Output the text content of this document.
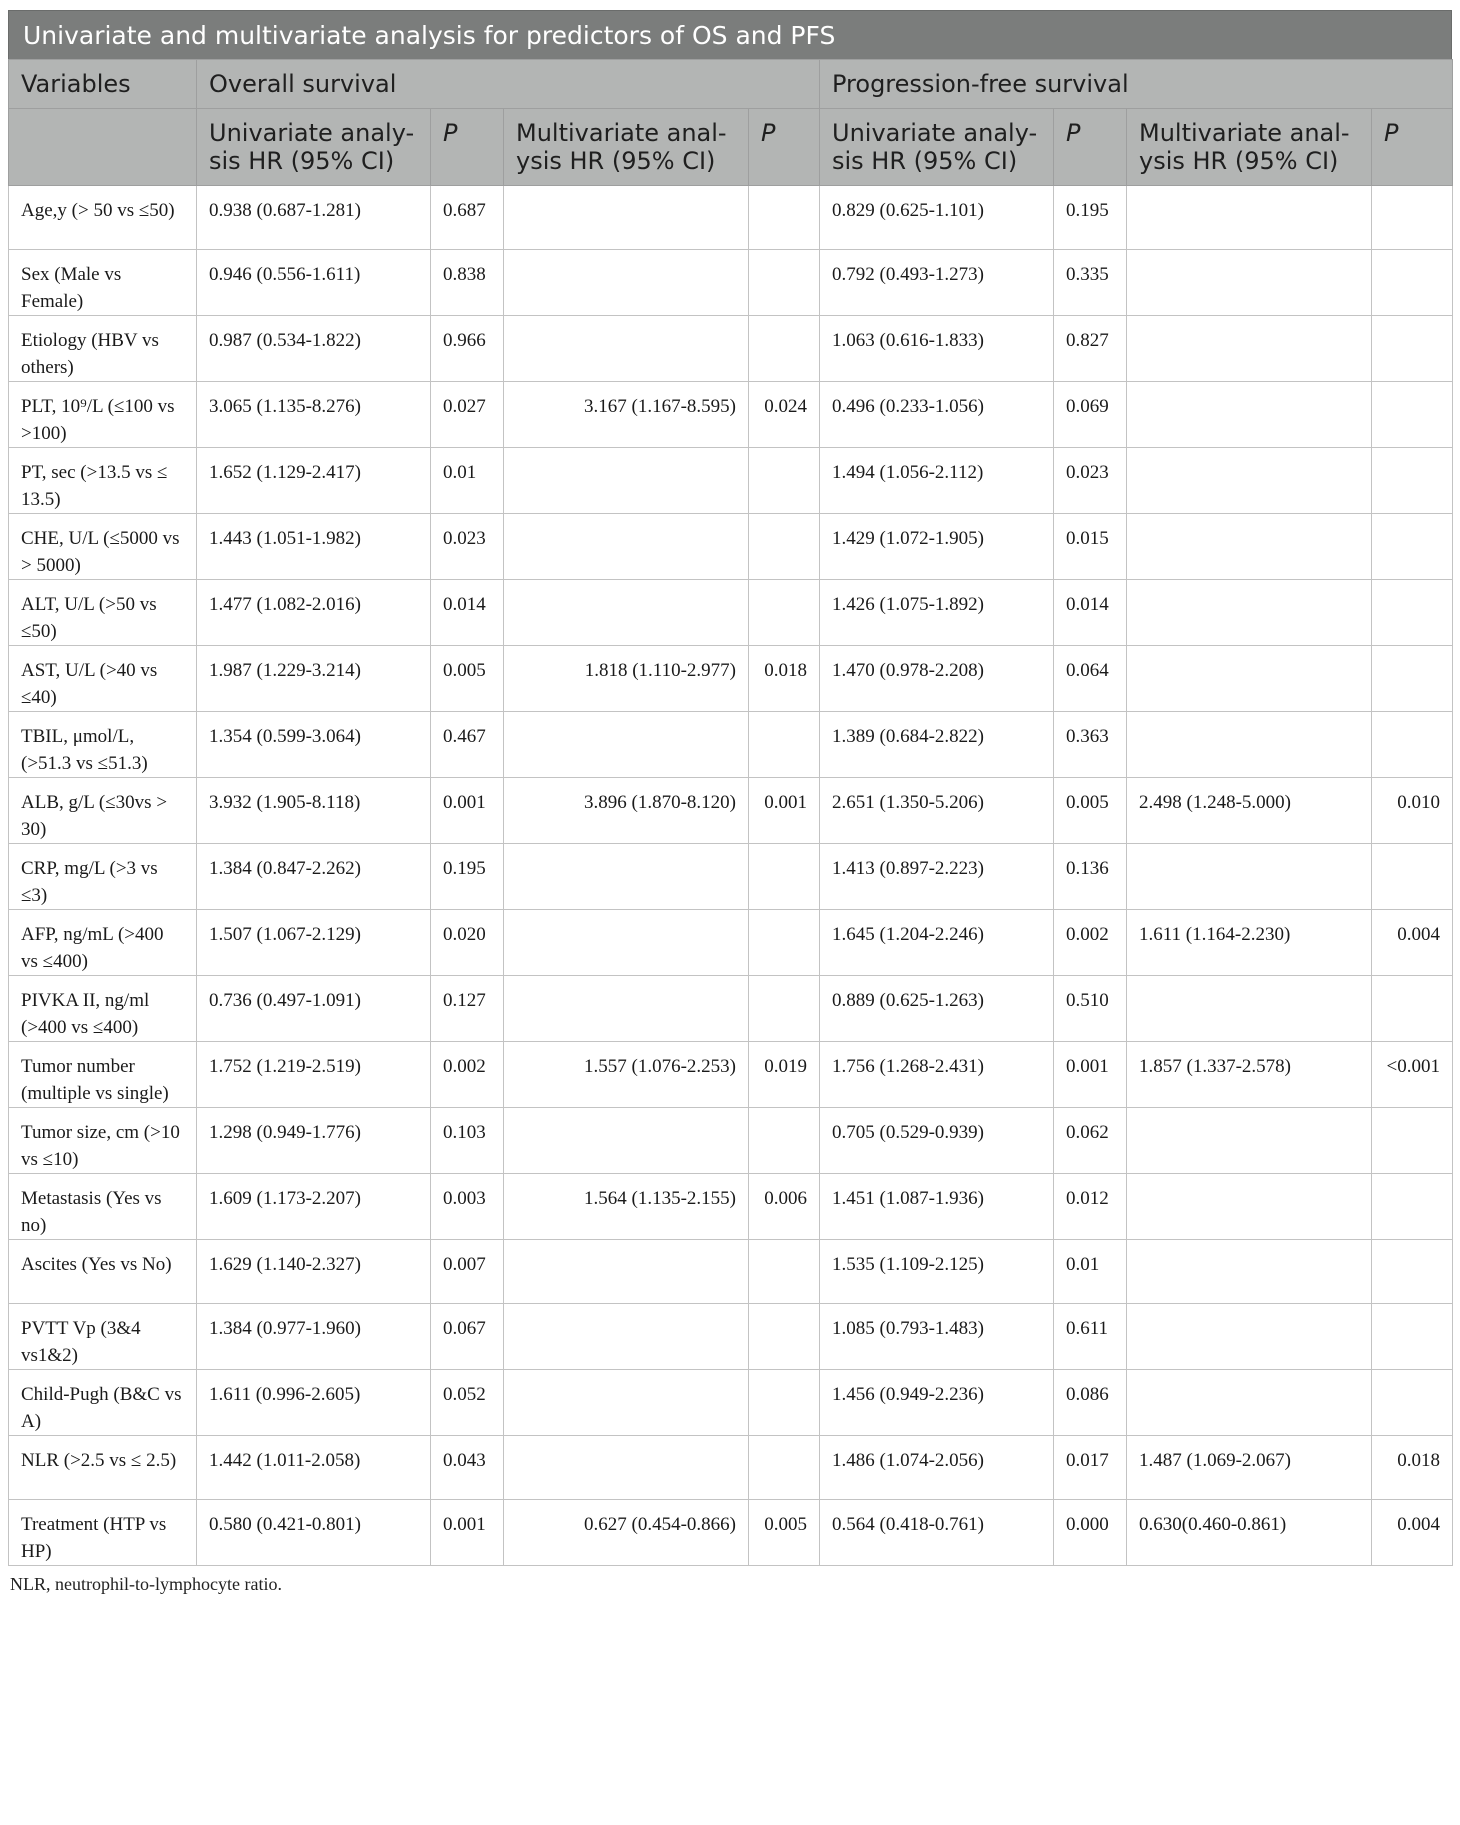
Univariate and multivariate analysis for predictors of OS and PFS
Variables	Overall survival				Progression-free survival			
	Univariate analy-sis HR (95% CI)	P	Multivariate anal-ysis HR (95% CI)	P	Univariate analy-sis HR (95% CI)	P	Multivariate anal-ysis HR (95% CI)	P
Age,y (> 50 vs ≤50)	0.938 (0.687-1.281)	0.687			0.829 (0.625-1.101)	0.195		
Sex (Male vs Female)	0.946 (0.556-1.611)	0.838			0.792 (0.493-1.273)	0.335		
Etiology (HBV vs others)	0.987 (0.534-1.822)	0.966			1.063 (0.616-1.833)	0.827		
PLT, 10⁹/L (≤100 vs >100)	3.065 (1.135-8.276)	0.027	3.167 (1.167-8.595)	0.024	0.496 (0.233-1.056)	0.069		
PT, sec (>13.5 vs ≤ 13.5)	1.652 (1.129-2.417)	0.01			1.494 (1.056-2.112)	0.023		
CHE, U/L (≤5000 vs > 5000)	1.443 (1.051-1.982)	0.023			1.429 (1.072-1.905)	0.015		
ALT, U/L (>50 vs ≤50)	1.477 (1.082-2.016)	0.014			1.426 (1.075-1.892)	0.014		
AST, U/L (>40 vs ≤40)	1.987 (1.229-3.214)	0.005	1.818 (1.110-2.977)	0.018	1.470 (0.978-2.208)	0.064		
TBIL, μmol/L, (>51.3 vs ≤51.3)	1.354 (0.599-3.064)	0.467			1.389 (0.684-2.822)	0.363		
ALB, g/L (≤30vs > 30)	3.932 (1.905-8.118)	0.001	3.896 (1.870-8.120)	0.001	2.651 (1.350-5.206)	0.005	2.498 (1.248-5.000)	0.010
CRP, mg/L (>3 vs ≤3)	1.384 (0.847-2.262)	0.195			1.413 (0.897-2.223)	0.136		
AFP, ng/mL (>400 vs ≤400)	1.507 (1.067-2.129)	0.020			1.645 (1.204-2.246)	0.002	1.611 (1.164-2.230)	0.004
PIVKA II, ng/ml (>400 vs ≤400)	0.736 (0.497-1.091)	0.127			0.889 (0.625-1.263)	0.510		
Tumor number (multiple vs single)	1.752 (1.219-2.519)	0.002	1.557 (1.076-2.253)	0.019	1.756 (1.268-2.431)	0.001	1.857 (1.337-2.578)	<0.001
Tumor size, cm (>10 vs ≤10)	1.298 (0.949-1.776)	0.103			0.705 (0.529-0.939)	0.062		
Metastasis (Yes vs no)	1.609 (1.173-2.207)	0.003	1.564 (1.135-2.155)	0.006	1.451 (1.087-1.936)	0.012		
Ascites (Yes vs No)	1.629 (1.140-2.327)	0.007			1.535 (1.109-2.125)	0.01		
PVTT Vp (3&4 vs1&2)	1.384 (0.977-1.960)	0.067			1.085 (0.793-1.483)	0.611		
Child-Pugh (B&C vs A)	1.611 (0.996-2.605)	0.052			1.456 (0.949-2.236)	0.086		
NLR (>2.5 vs ≤ 2.5)	1.442 (1.011-2.058)	0.043			1.486 (1.074-2.056)	0.017	1.487 (1.069-2.067)	0.018
Treatment (HTP vs HP)	0.580 (0.421-0.801)	0.001	0.627 (0.454-0.866)	0.005	0.564 (0.418-0.761)	0.000	0.630(0.460-0.861)	0.004
NLR, neutrophil-to-lymphocyte ratio.
